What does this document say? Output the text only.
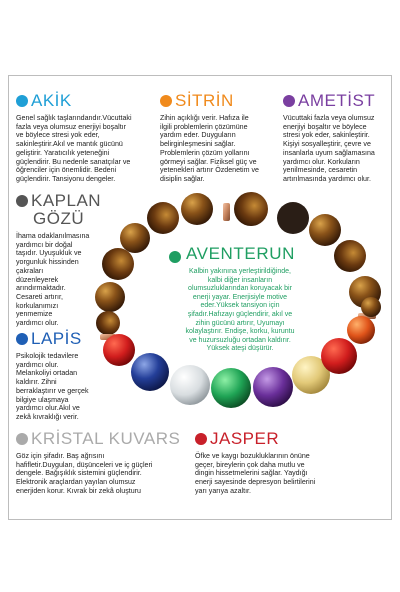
AKİK
Genel sağlık taşlarındandır.Vücuttaki
fazla veya olumsuz enerjiyi boşaltır
ve böylece stresi yok eder,
sakinleştirir.Akıl ve mantık gücünü
geliştirir. Yaratıcılık yeteneğini
güçlendirir. Bu nedenle sanatçılar ve
öğrenciler için önemlidir. Bedeni
güçlendirir. Tansiyonu dengeler.
SİTRİN
Zihin açıklığı verir. Hafıza ile
ilgili problemlerin çözümüne
yardım eder. Duyguların
belirginleşmesini sağlar.
Problemlerin çözüm yollarını
görmeyi sağlar. Fiziksel güç ve
yetenekleri artırır Özdenetim ve
disiplin sağlar.
AMETİST
Vücuttaki fazla veya olumsuz
enerjiyi boşaltır ve böylece
stresi yok eder, sakinleştirir.
Kişiyi sosyalleştirir, çevre ve
insanlarla uyum sağlamasına
yardımcı olur. Korkuların
yenilmesinde, cesaretin
artırılmasında yardımcı olur.
KAPLAN
GÖZÜ
İhama odaklanılmasına
yardımcı bir doğal
taşıdır. Uyuşukluk ve
yorgunluk hissinden
çakraları
düzenleyerek
arındırmaktadır.
Cesareti artırır,
korkulanımızı
yenmemize
yardımcı olur.
LAPİS
Psikolojik tedavilere
yardımcı olur.
Melankoliyi ortadan
kaldırır. Zihni
berraklaştırır ve gerçek
bilgiye ulaşmaya
yardımcı olur.Akıl ve
zekâ kıvraklığı verir.
KRİSTAL KUVARS
Göz için şifadır. Baş ağrısını
hafifletir.Duyguları, düşünceleri ve iç güçleri
dengele. Bağışıklık sistemini güçlendirir.
Elektronik araçlardan yayılan olumsuz
enerjiden korur. Kıvrak bir zekâ oluşturu
JASPER
Öfke ve kaygı bozukluklarının önüne
geçer, bireylerin çok daha mutlu ve
dingin hissetmelerini sağlar. Yaydığı
enerji sayesinde depresyon belirtilerini
yarı yarıya azaltır.
AVENTERUN
Kalbin yakınına yerleştirildiğinde,
kalbi diğer insanların
olumsuzluklarından koruyacak bir
enerji yayar. Enerjisiyle motive
eder.Yüksek tansiyon için
şifadır.Hafızayı güçlendirir, akıl ve
zihin gücünü artırır, Uyumayı
kolaylaştırır. Endişe, korku, kuruntu
ve huzursuzluğu ortadan kaldırır.
Yüksek ateşi düşürür.
